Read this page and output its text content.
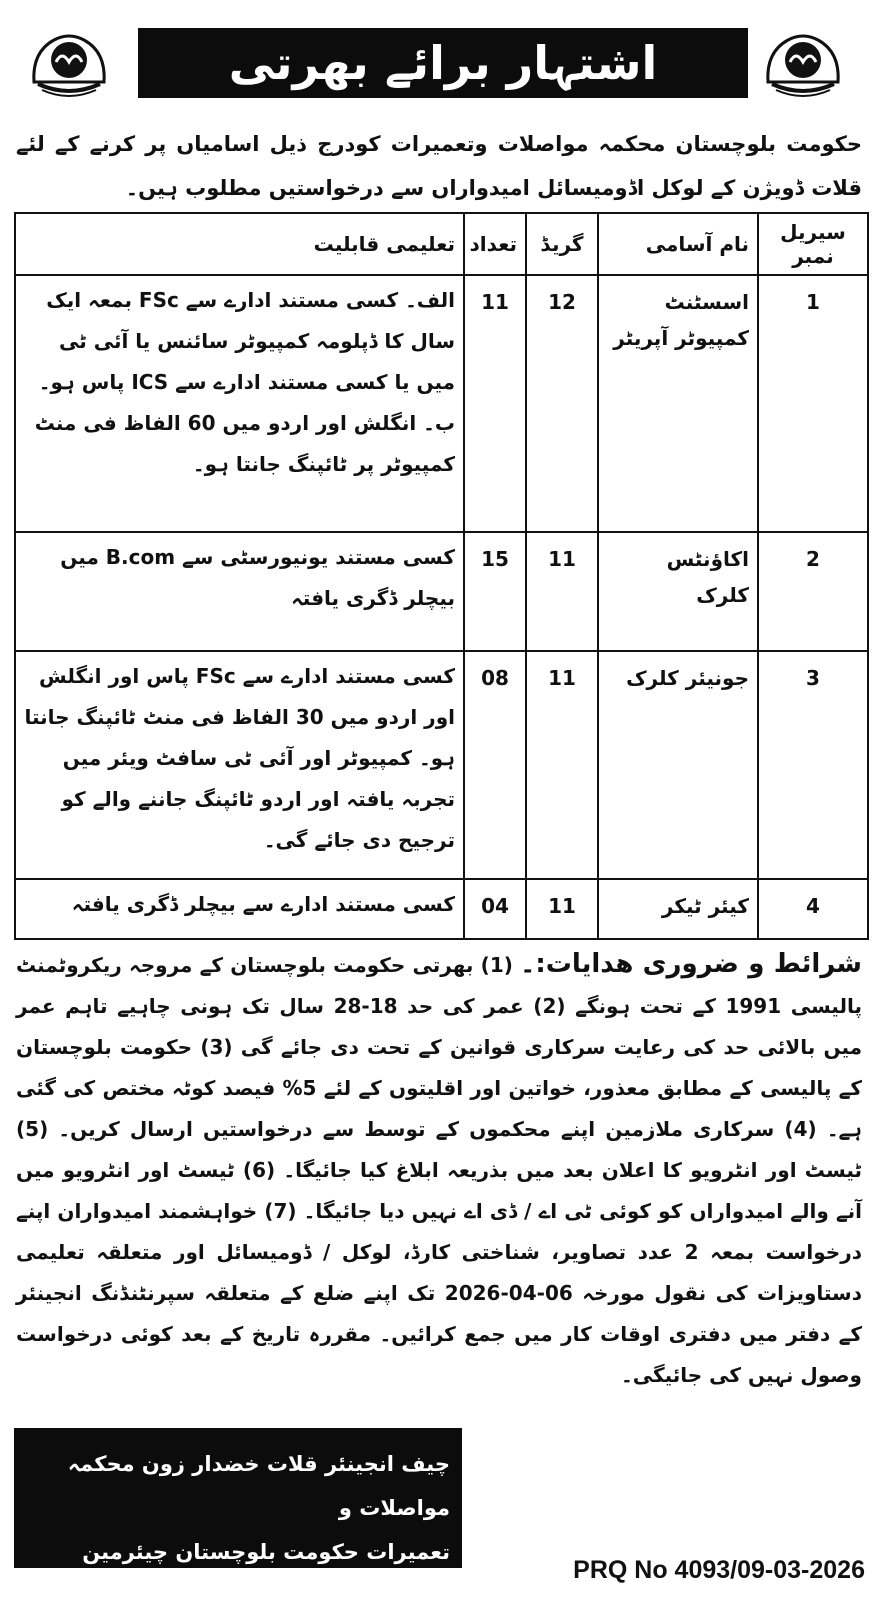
اشتہار برائے بھرتی
حکومت بلوچستان محکمہ مواصلات وتعمیرات کودرج ذیل اسامیاں پر کرنے کے لئے قلات ڈویژن کے لوکل اڈومیسائل امیدواراں سے درخواستیں مطلوب ہیں۔
سیریل نمبر	نام آسامی	گریڈ	تعداد	تعلیمی قابلیت
1	اسسٹنٹ کمپیوٹر آپریٹر	12	11	الف۔ کسی مستند ادارے سے FSc بمعہ ایک سال کا ڈپلومہ کمپیوٹر سائنس یا آئی ٹی میں یا کسی مستند ادارے سے ICS پاس ہو۔ ب۔ انگلش اور اردو میں 60 الفاظ فی منٹ کمپیوٹر پر ٹائپنگ جانتا ہو۔
2	اکاؤنٹس کلرک	11	15	کسی مستند یونیورسٹی سے B.com میں بیچلر ڈگری یافتہ
3	جونیئر کلرک	11	08	کسی مستند ادارے سے FSc پاس اور انگلش اور اردو میں 30 الفاظ فی منٹ ٹائپنگ جانتا ہو۔ کمپیوٹر اور آئی ٹی سافٹ ویئر میں تجربہ یافتہ اور اردو ٹائپنگ جاننے والے کو ترجیح دی جائے گی۔
4	کیئر ٹیکر	11	04	کسی مستند ادارے سے بیچلر ڈگری یافتہ
شرائط و ضروری ھدایات:۔ (1) بھرتی حکومت بلوچستان کے مروجہ ریکروٹمنٹ پالیسی 1991 کے تحت ہونگے (2) عمر کی حد 18-28 سال تک ہونی چاہیے تاہم عمر میں بالائی حد کی رعایت سرکاری قوانین کے تحت دی جائے گی (3) حکومت بلوچستان کے پالیسی کے مطابق معذور، خواتین اور اقلیتوں کے لئے 5% فیصد کوٹہ مختص کی گئی ہے۔ (4) سرکاری ملازمین اپنے محکموں کے توسط سے درخواستیں ارسال کریں۔ (5) ٹیسٹ اور انٹرویو کا اعلان بعد میں بذریعہ ابلاغ کیا جائیگا۔ (6) ٹیسٹ اور انٹرویو میں آنے والے امیدواراں کو کوئی ٹی اے / ڈی اے نہیں دیا جائیگا۔ (7) خواہشمند امیدواران اپنے درخواست بمعہ 2 عدد تصاویر، شناختی کارڈ، لوکل / ڈومیسائل اور متعلقہ تعلیمی دستاویزات کی نقول مورخہ 06-04-2026 تک اپنے ضلع کے متعلقہ سپرنٹنڈنگ انجینئر کے دفتر میں دفتری اوقات کار میں جمع کرائیں۔ مقررہ تاریخ کے بعد کوئی درخواست وصول نہیں کی جائیگی۔
چیف انجینئر قلات خضدار زون محکمہ مواصلات و
تعمیرات حکومت بلوچستان چیئرمین سلیکشن کمیٹی
PRQ No 4093/09-03-2026
